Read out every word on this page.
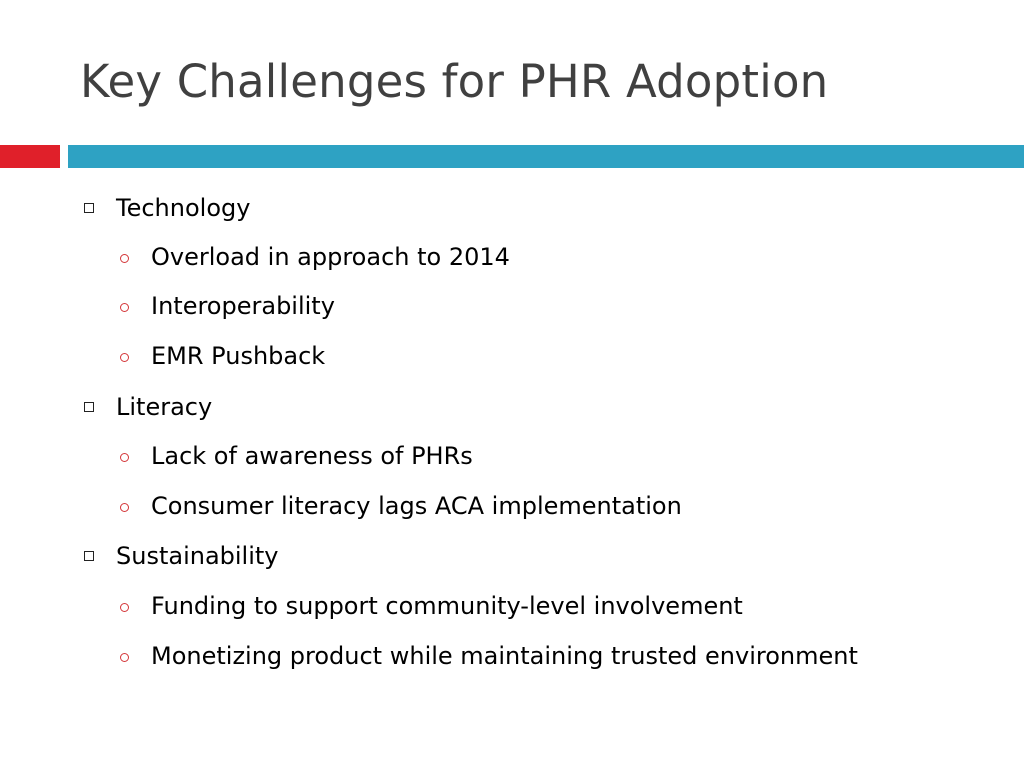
Key Challenges for PHR Adoption
Technology
Overload in approach to 2014
Interoperability
EMR Pushback
Literacy
Lack of awareness of PHRs
Consumer literacy lags ACA implementation
Sustainability
Funding to support community-level involvement
Monetizing product while maintaining trusted environment
